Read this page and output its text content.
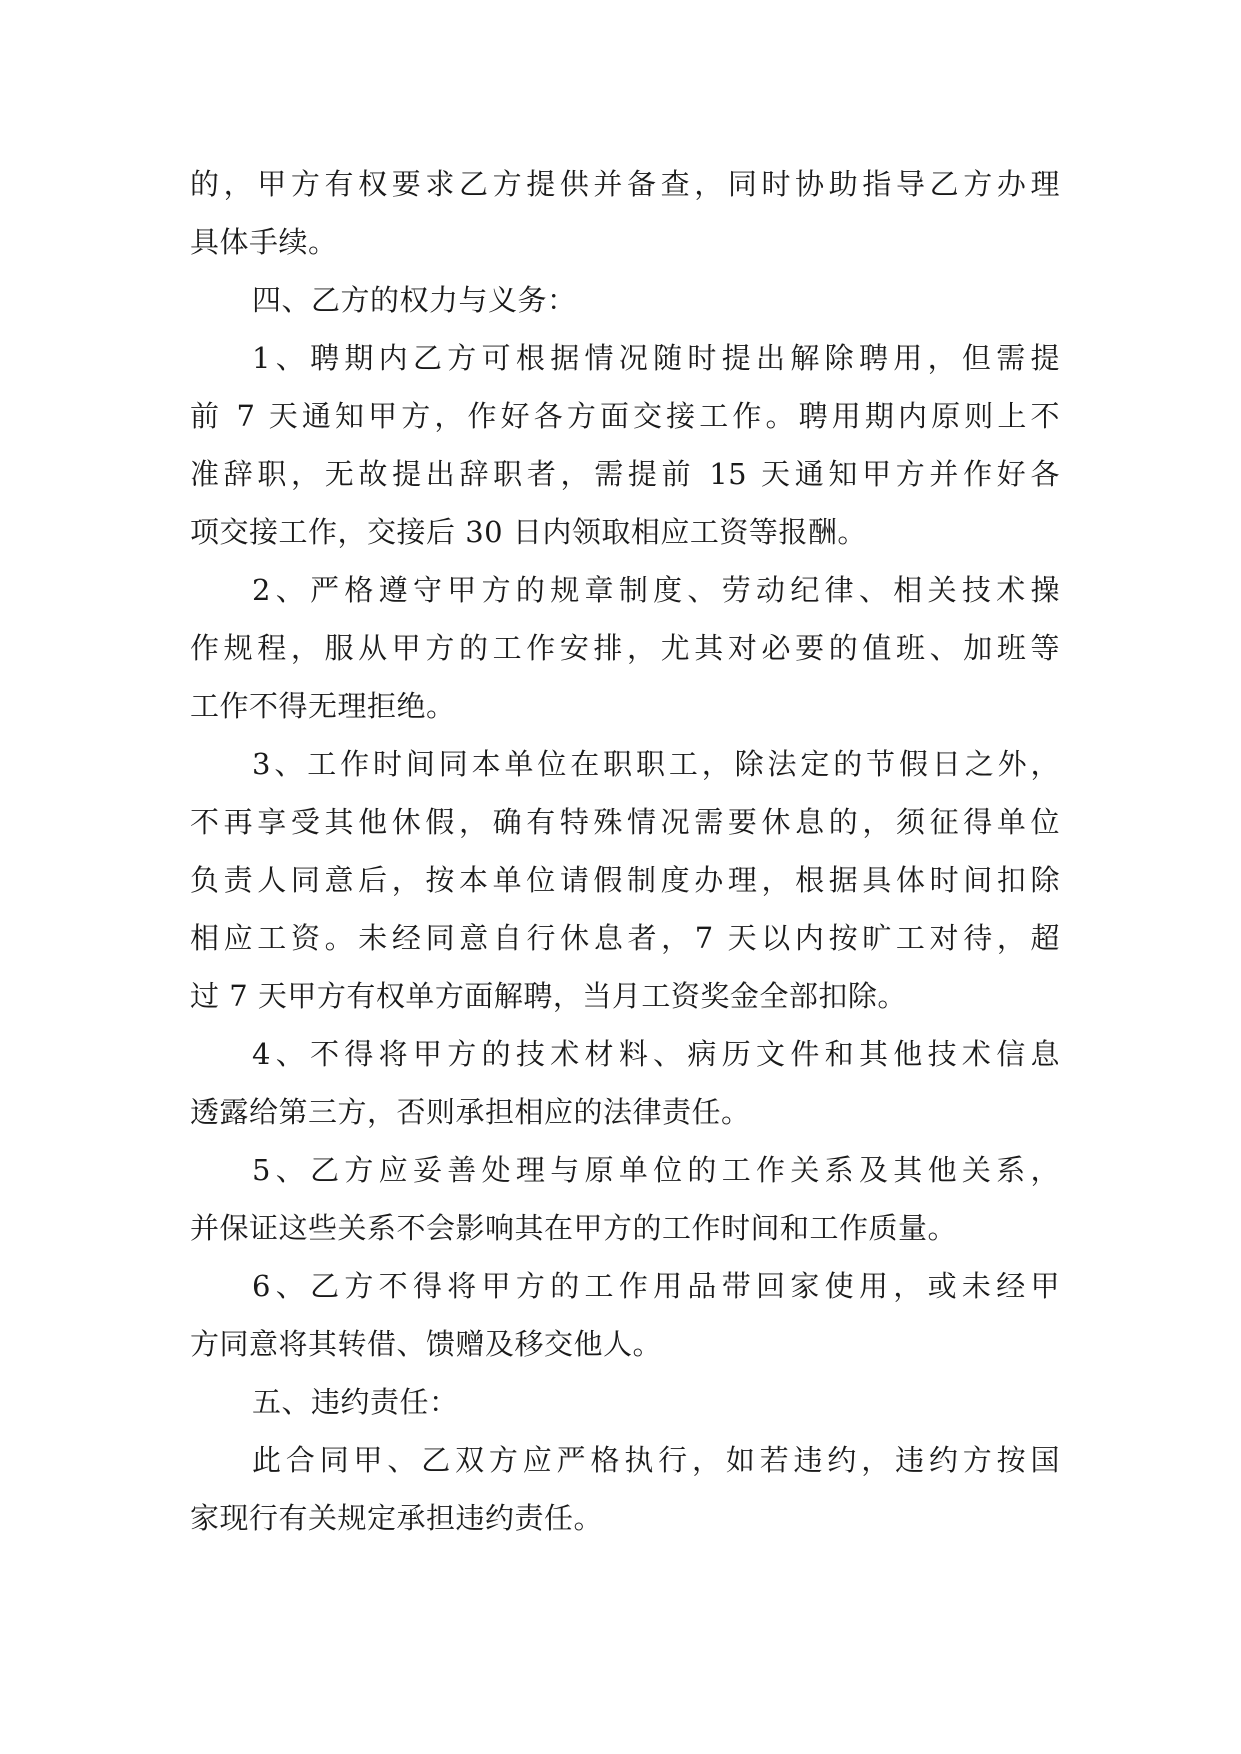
的，甲方有权要求乙方提供并备查，同时协助指导乙方办理

具体手续。

四、乙方的权力与义务：

1、聘期内乙方可根据情况随时提出解除聘用，但需提

前 7 天通知甲方，作好各方面交接工作。聘用期内原则上不

准辞职，无故提出辞职者，需提前 15 天通知甲方并作好各

项交接工作，交接后 30 日内领取相应工资等报酬。

2、严格遵守甲方的规章制度、劳动纪律、相关技术操

作规程，服从甲方的工作安排，尤其对必要的值班、加班等

工作不得无理拒绝。

3、工作时间同本单位在职职工，除法定的节假日之外，

不再享受其他休假，确有特殊情况需要休息的，须征得单位

负责人同意后，按本单位请假制度办理，根据具体时间扣除

相应工资。未经同意自行休息者，7 天以内按旷工对待，超

过 7 天甲方有权单方面解聘，当月工资奖金全部扣除。

4、不得将甲方的技术材料、病历文件和其他技术信息

透露给第三方，否则承担相应的法律责任。

5、乙方应妥善处理与原单位的工作关系及其他关系，

并保证这些关系不会影响其在甲方的工作时间和工作质量。

6、乙方不得将甲方的工作用品带回家使用，或未经甲

方同意将其转借、馈赠及移交他人。

五、违约责任：

此合同甲、乙双方应严格执行，如若违约，违约方按国

家现行有关规定承担违约责任。
